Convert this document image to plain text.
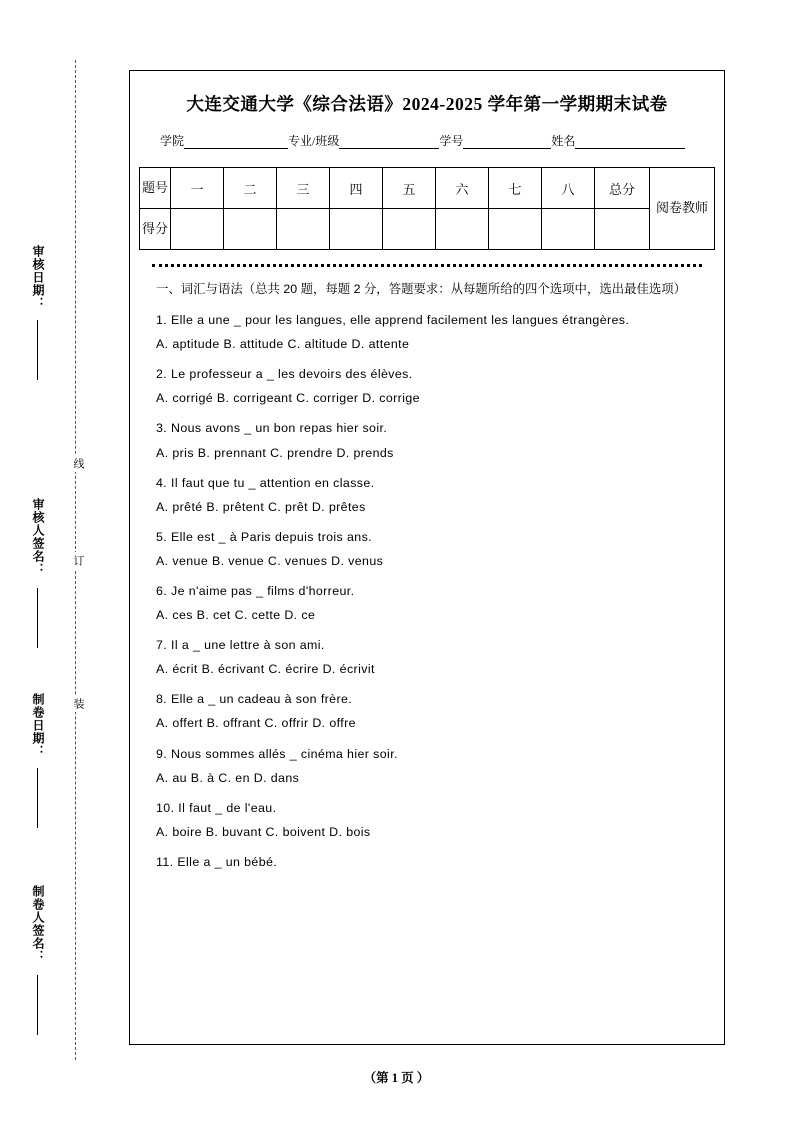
审核日期：
审核人签名：
制卷日期：
制卷人签名：
线
订
装
大连交通大学《综合法语》2024‑2025 学年第一学期期末试卷
学院	专业/班级	学号	姓名
题号	一	二	三	四	五	六	七	八	总分	阅卷教师
得分										
一、词汇与语法（总共 20 题，每题 2 分，答题要求：从每题所给的四个选项中，选出最佳选项）
1. Elle a une _ pour les langues, elle apprend facilement les langues étrangères.
A. aptitude B. attitude C. altitude D. attente
2. Le professeur a _ les devoirs des élèves.
A. corrigé B. corrigeant C. corriger D. corrige
3. Nous avons _ un bon repas hier soir.
A. pris B. prennant C. prendre D. prends
4. Il faut que tu _ attention en classe.
A. prêté B. prêtent C. prêt D. prêtes
5. Elle est _ à Paris depuis trois ans.
A. venue B. venue C. venues D. venus
6. Je n'aime pas _ films d'horreur.
A. ces B. cet C. cette D. ce
7. Il a _ une lettre à son ami.
A. écrit B. écrivant C. écrire D. écrivit
8. Elle a _ un cadeau à son frère.
A. offert B. offrant C. offrir D. offre
9. Nous sommes allés _ cinéma hier soir.
A. au B. à C. en D. dans
10. Il faut _ de l'eau.
A. boire B. buvant C. boivent D. bois
11. Elle a _ un bébé.
（第 1 页 ）
